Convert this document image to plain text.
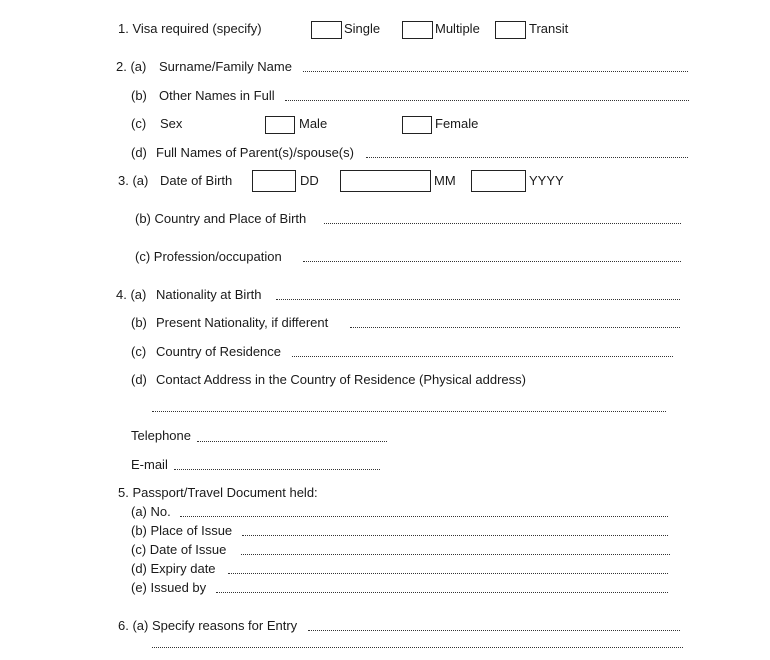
1. Visa required (specify)	Single	Multiple	Transit
2. (a) Surname/Family Name
(b) Other Names in Full
(c) Sex	Male	Female
(d) Full Names of Parent(s)/spouse(s)
3. (a) Date of Birth	DD	MM	YYYY
(b) Country and Place of Birth
(c) Profession/occupation
4. (a) Nationality at Birth
(b) Present Nationality, if different
(c) Country of Residence
(d) Contact Address in the Country of Residence (Physical address)
Telephone
E-mail
5. Passport/Travel Document held:
(a) No.
(b) Place of Issue
(c) Date of Issue
(d) Expiry date
(e) Issued by
6. (a) Specify reasons for Entry
